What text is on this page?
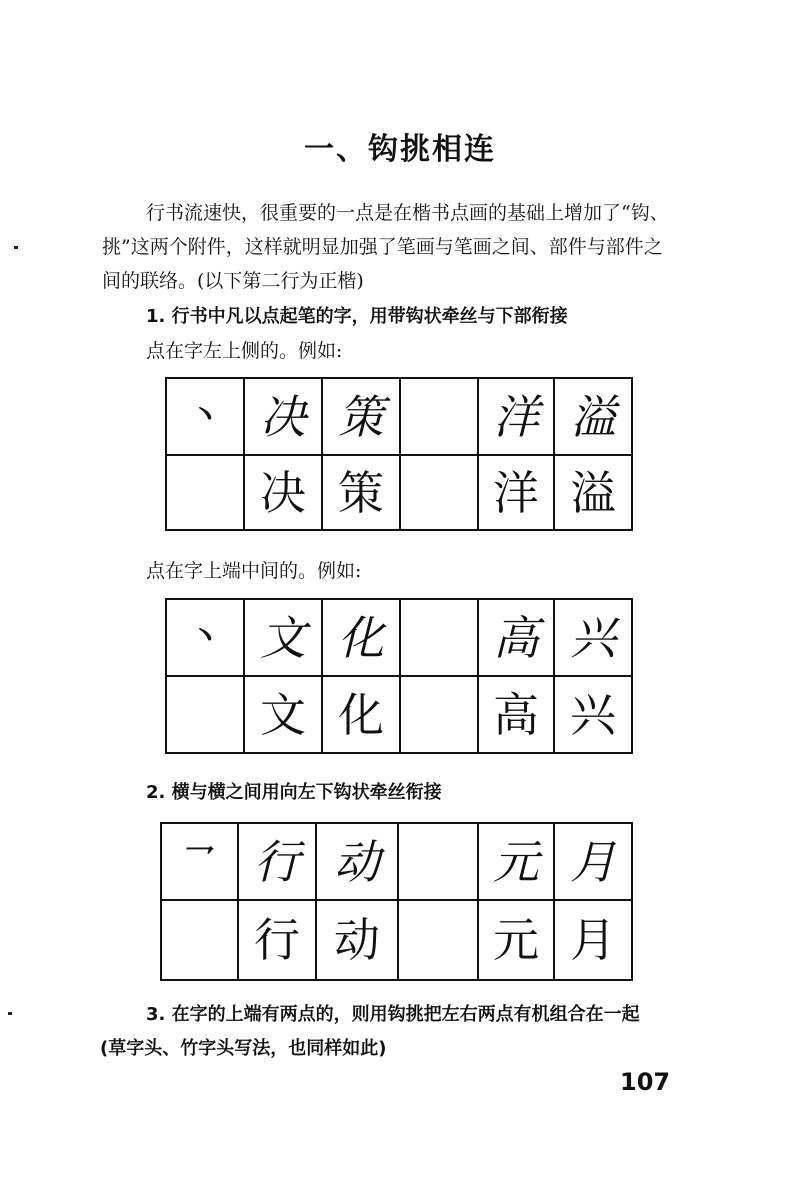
一、钩挑相连
行书流速快，很重要的一点是在楷书点画的基础上增加了“钩、
挑”这两个附件，这样就明显加强了笔画与笔画之间、部件与部件之
间的联络。(以下第二行为正楷)
1. 行书中凡以点起笔的字，用带钩状牵丝与下部衔接
点在字左上侧的。例如:
丶	决	策		洋	溢
	决	策		洋	溢
点在字上端中间的。例如:
丶	文	化		高	兴
	文	化		高	兴
2. 横与横之间用向左下钩状牵丝衔接
乛	行	动		元	月
	行	动		元	月
3. 在字的上端有两点的，则用钩挑把左右两点有机组合在一起
(草字头、竹字头写法，也同样如此)
107
